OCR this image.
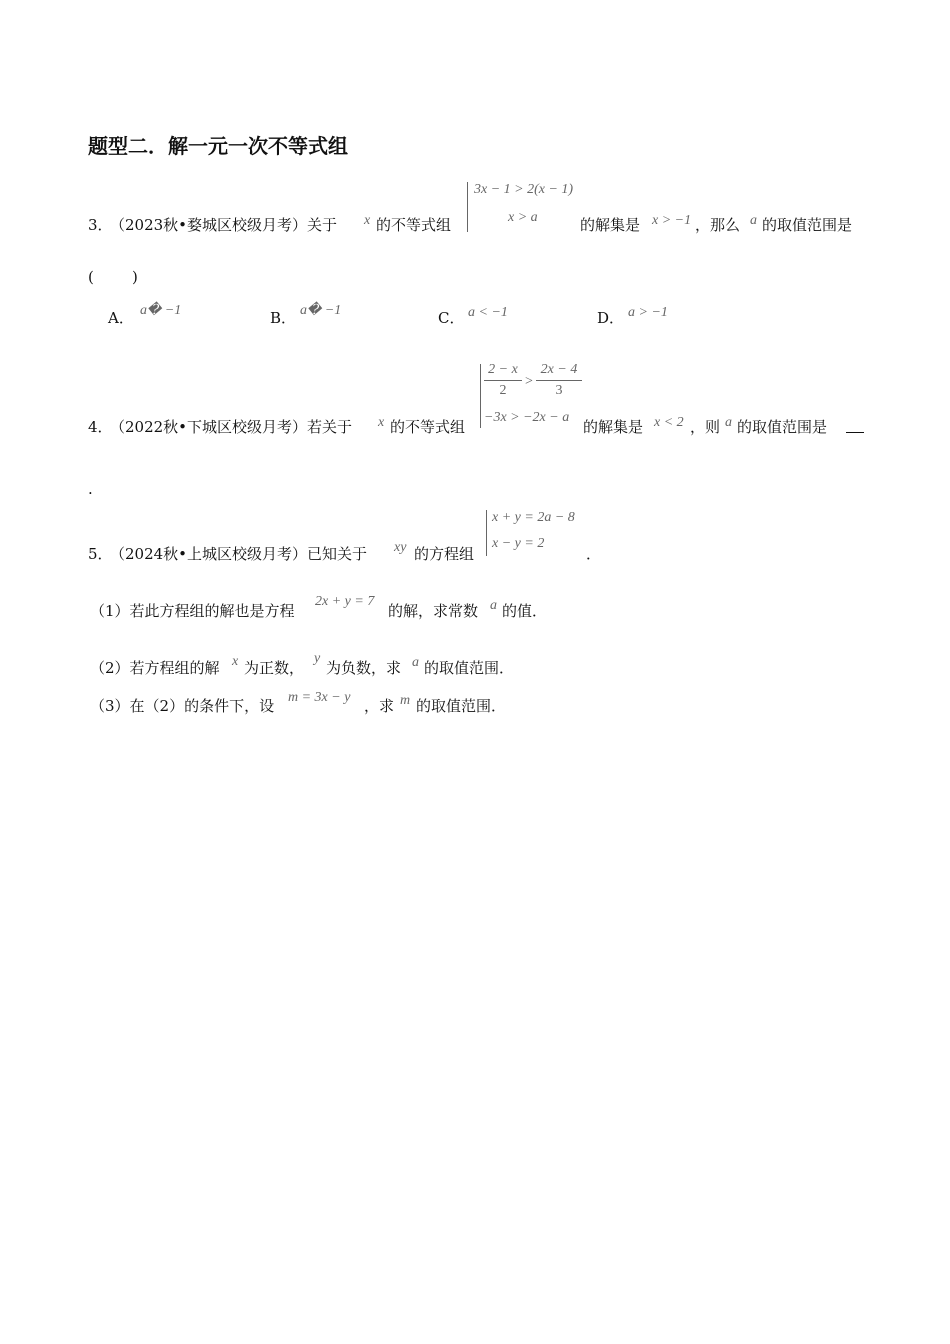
题型二．解一元一次不等式组
3．
（2023秋•婺城区校级月考）关于 x 的不等式组
3x − 1 > 2(x − 1)
x > a	的解集是 x > −1 ，那么 a 的取值范围是
(        )
A． a� −1	B． a� −1	C． a < −1	D． a > −1
4．
（2022秋•下城区校级月考）若关于 x 的不等式组
2 − x
2
>
2x − 4
3
−3x > −2x − a
的解集是 x < 2 ，则 a 的取值范围是
.
5．
（2024秋•上城区校级月考）已知关于 xy 的方程组
x + y = 2a − 8
x − y = 2
．
（1）若此方程组的解也是方程
2x + y = 7
的解，求常数 a 的值．
（2）若方程组的解 x 为正数，
y
为负数，求 a 的取值范围．
（3）在（2）的条件下，设 m = 3x − y ，求 m 的取值范围．
